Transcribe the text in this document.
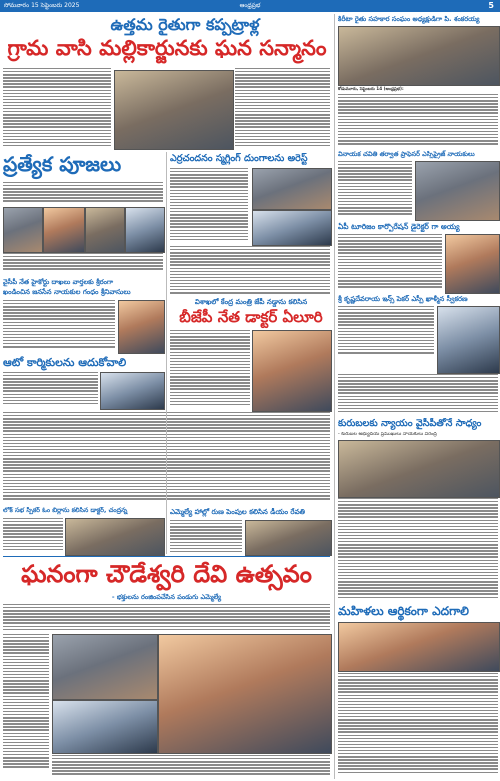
సోమవారం 15 సెప్టెంబరు 2025	ఆంధ్రప్రభ	5
ఉత్తమ రైతుగా కప్పట్రాళ్ల
గ్రామ వాసి మల్లికార్జునకు ఘన సన్మానం
ప్రత్యేక పూజలు
వైసీపీ నేత హైకోర్టు దాఖలు వార్తలకు శ్రీరంగా
ఖండించిన జనసేన నాయకుల గంధం శ్రీనివాసులు
ఆటో కార్మికులను ఆదుకోవాలి
లోక్ సభ స్పీకర్ ఓం బిర్లాను కలిసిన డాక్టర్, చంద్రన్న
ఎర్రచందనం స్మగ్లింగ్ దుంగాలను అరెస్ట్
విశాఖలో కేంద్ర మంత్రి జేపీ నడ్డాను కలిసిన
బీజేపీ నేత డాక్టర్ ఏలూరి
ఎమ్మెల్యే హాల్లో రుణ పెంపుల కలిసిన డీయం రేవతి
ఘనంగా చౌడేశ్వరి దేవి ఉత్సవం
- భక్తులను రంజింపచేసిన పండుగు ఎమ్మెల్యే
కిరీటా రైతు సహకార సంఘం అధ్యక్షుడిగా పి. శంకరయ్య
కోడుమూరు, సెప్టెంబరు 14 (ఆంధ్రప్రభ):
వినాయక చవితి తర్వాత ప్రాఫెసర్ ఎస్సిప్రైజ్ నాయకులు
ఏపీ టూరిజం కార్పొరేషన్ డైరెక్టర్ గా అయ్య
శ్రీ కృష్ణదేవరాయ ఇన్స్ పెకర్ ఎస్పీ ఖాళ్మీన స్వీకరణ
కురుబలకు న్యాయం వైసీపీతోనే సాధ్యం
- కురుబల అభ్యుదయ ప్రముఖులు నాయకులు వీరేంద్ర
మహిళలు ఆర్థికంగా ఎదగాలి
